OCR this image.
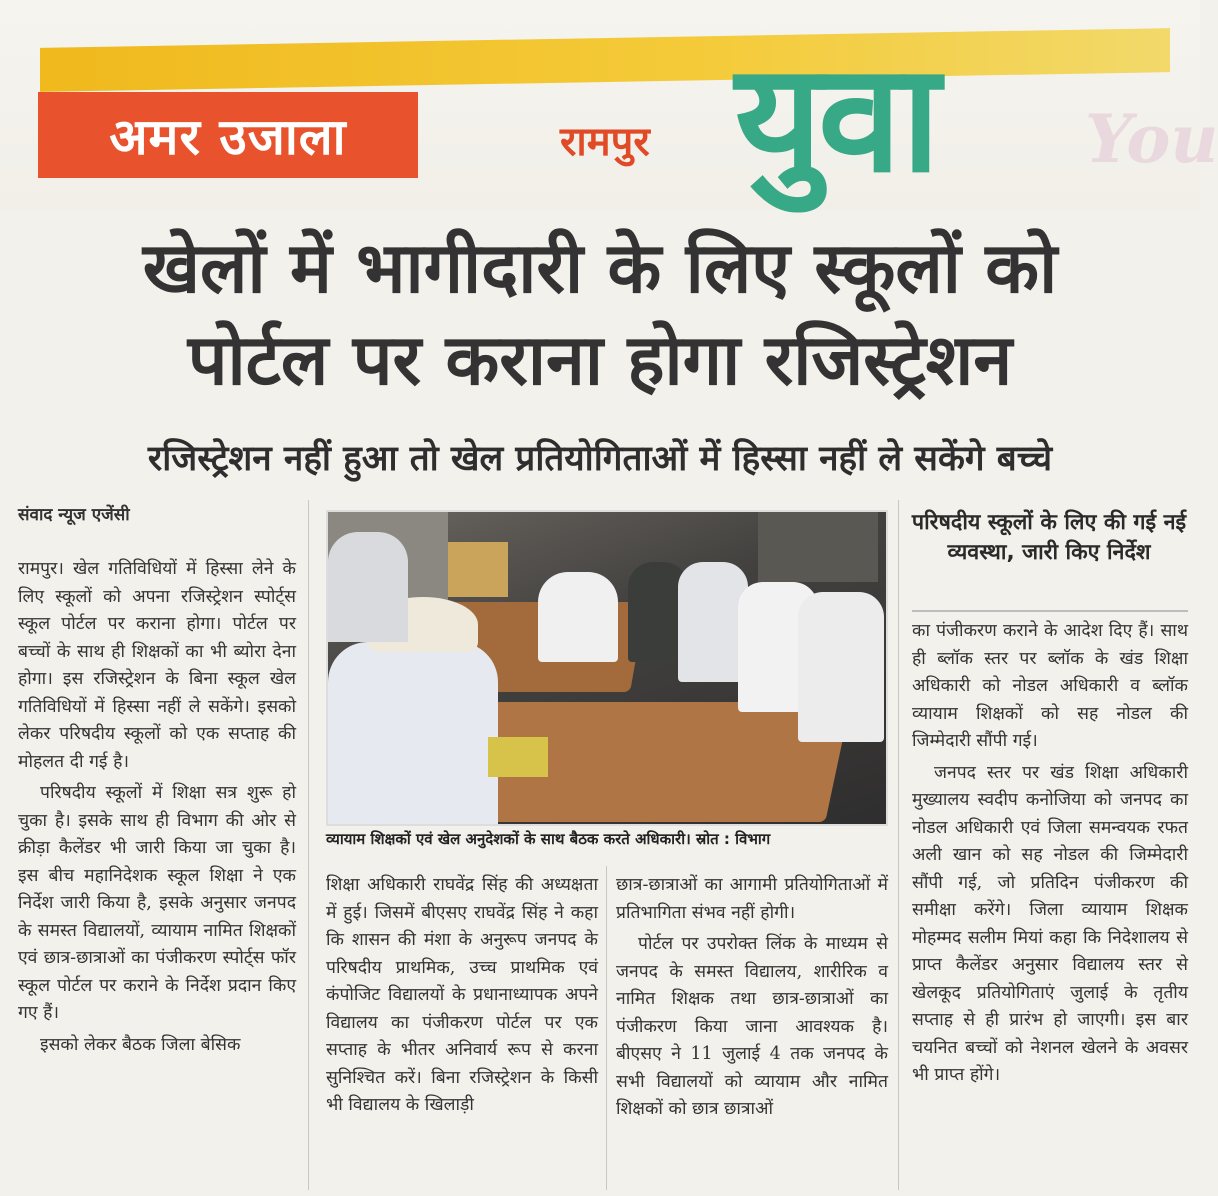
अमर उजाला	रामपुर युवा You
खेलों में भागीदारी के लिए स्कूलों को
पोर्टल पर कराना होगा रजिस्ट्रेशन
रजिस्ट्रेशन नहीं हुआ तो खेल प्रतियोगिताओं में हिस्सा नहीं ले सकेंगे बच्चे
संवाद न्यूज एजेंसी

रामपुर। खेल गतिविधियों में हिस्सा लेने के लिए स्कूलों को अपना रजिस्ट्रेशन स्पोर्ट्स स्कूल पोर्टल पर कराना होगा। पोर्टल पर बच्चों के साथ ही शिक्षकों का भी ब्योरा देना होगा। इस रजिस्ट्रेशन के बिना स्कूल खेल गतिविधियों में हिस्सा नहीं ले सकेंगे। इसको लेकर परिषदीय स्कूलों को एक सप्ताह की मोहलत दी गई है।

परिषदीय स्कूलों में शिक्षा सत्र शुरू हो चुका है। इसके साथ ही विभाग की ओर से क्रीड़ा कैलेंडर भी जारी किया जा चुका है। इस बीच महानिदेशक स्कूल शिक्षा ने एक निर्देश जारी किया है, इसके अनुसार जनपद के समस्त विद्यालयों, व्यायाम नामित शिक्षकों एवं छात्र-छात्राओं का पंजीकरण स्पोर्ट्स फॉर स्कूल पोर्टल पर कराने के निर्देश प्रदान किए गए हैं।

इसको लेकर बैठक जिला बेसिक

व्यायाम शिक्षकों एवं खेल अनुदेशकों के साथ बैठक करते अधिकारी। स्रोत : विभाग

शिक्षा अधिकारी राघवेंद्र सिंह की अध्यक्षता में हुई। जिसमें बीएसए राघवेंद्र सिंह ने कहा कि शासन की मंशा के अनुरूप जनपद के परिषदीय प्राथमिक, उच्च प्राथमिक एवं कंपोजिट विद्यालयों के प्रधानाध्यापक अपने विद्यालय का पंजीकरण पोर्टल पर एक सप्ताह के भीतर अनिवार्य रूप से करना सुनिश्चित करें। बिना रजिस्ट्रेशन के किसी भी विद्यालय के खिलाड़ी

छात्र-छात्राओं का आगामी प्रतियोगिताओं में प्रतिभागिता संभव नहीं होगी।

पोर्टल पर उपरोक्त लिंक के माध्यम से जनपद के समस्त विद्यालय, शारीरिक व नामित शिक्षक तथा छात्र-छात्राओं का पंजीकरण किया जाना आवश्यक है। बीएसए ने 11 जुलाई 4 तक जनपद के सभी विद्यालयों को व्यायाम और नामित शिक्षकों को छात्र छात्राओं

परिषदीय स्कूलों के लिए की गई नई व्यवस्था, जारी किए निर्देश

का पंजीकरण कराने के आदेश दिए हैं। साथ ही ब्लॉक स्तर पर ब्लॉक के खंड शिक्षा अधिकारी को नोडल अधिकारी व ब्लॉक व्यायाम शिक्षकों को सह नोडल की जिम्मेदारी सौंपी गई।

जनपद स्तर पर खंड शिक्षा अधिकारी मुख्यालय स्वदीप कनोजिया को जनपद का नोडल अधिकारी एवं जिला समन्वयक रफत अली खान को सह नोडल की जिम्मेदारी सौंपी गई, जो प्रतिदिन पंजीकरण की समीक्षा करेंगे। जिला व्यायाम शिक्षक मोहम्मद सलीम मियां कहा कि निदेशालय से प्राप्त कैलेंडर अनुसार विद्यालय स्तर से खेलकूद प्रतियोगिताएं जुलाई के तृतीय सप्ताह से ही प्रारंभ हो जाएगी। इस बार चयनित बच्चों को नेशनल खेलने के अवसर भी प्राप्त होंगे।
